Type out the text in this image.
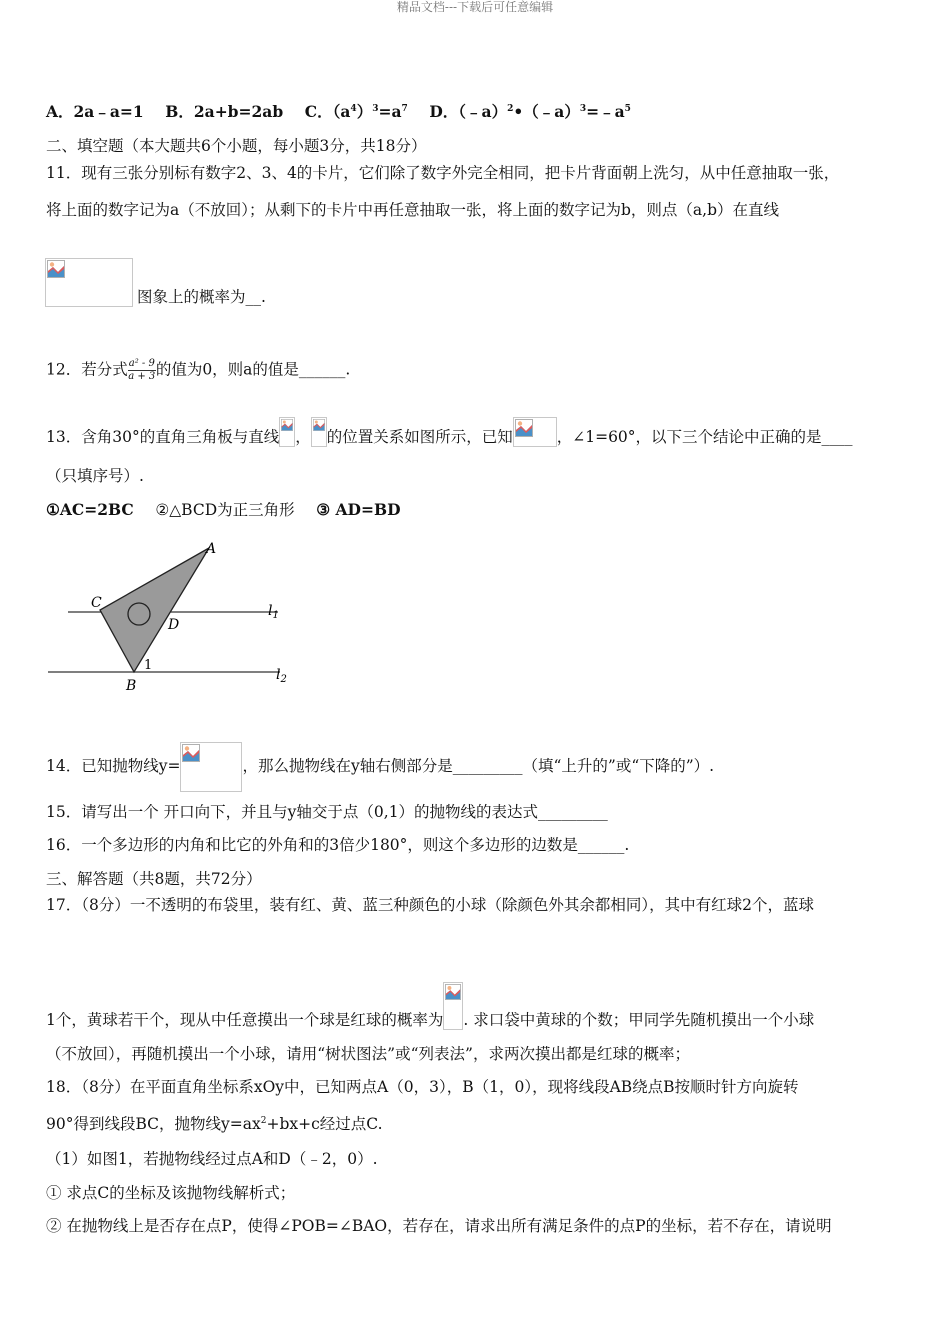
精品文档---下载后可任意编辑
A．2a﹣a=1 B．2a+b=2ab C．$(a^4)^3=a^7$ D．$(﹣a)^2•(﹣a)^3=﹣a^5$
二、填空题（本大题共6个小题，每小题3分，共18分）
11．现有三张分别标有数字2、3、4的卡片，它们除了数字外完全相同，把卡片背面朝上洗匀，从中任意抽取一张，
将上面的数字记为a（不放回）；从剩下的卡片中再任意抽取一张，将上面的数字记为b，则点（a,b）在直线
图象上的概率为__.
12．若分式 $\frac{\text{a² - 9}}{a + 3}$ 的值为0，则a的值是______.
13．含角30°的直角三角板与直线 ， 的位置关系如图所示，已知	，∠1=60°，以下三个结论中正确的是____
（只填序号）.
①AC=2BC ②△BCD为正三角形 ③ AD=BD
A
C
D
B
1
$l_1$
$l_2$
14．已知抛物线y=	，那么抛物线在y轴右侧部分是_________（填“上升的”或“下降的”）.
15．请写出一个 开口向下，并且与y轴交于点（0,1）的抛物线的表达式_________
16．一个多边形的内角和比它的外角和的3倍少180°，则这个多边形的边数是______.
三、解答题（共8题，共72分）
17．（8分）一不透明的布袋里，装有红、黄、蓝三种颜色的小球（除颜色外其余都相同），其中有红球2个，蓝球
1个，黄球若干个，现从中任意摸出一个球是红球的概率为 . 求口袋中黄球的个数；甲同学先随机摸出一个小球
（不放回），再随机摸出一个小球，请用“树状图法”或“列表法”，求两次摸出都是红球的概率；
18．（8分）在平面直角坐标系xOy中，已知两点A（0，3），B（1，0），现将线段AB绕点B按顺时针方向旋转
90°得到线段BC，抛物线$y=ax^2+bx+c$经过点C.
（1）如图1，若抛物线经过点A和D（﹣2，0）.
① 求点C的坐标及该抛物线解析式；
② 在抛物线上是否存在点P，使得∠POB=∠BAO，若存在，请求出所有满足条件的点P的坐标，若不存在，请说明
